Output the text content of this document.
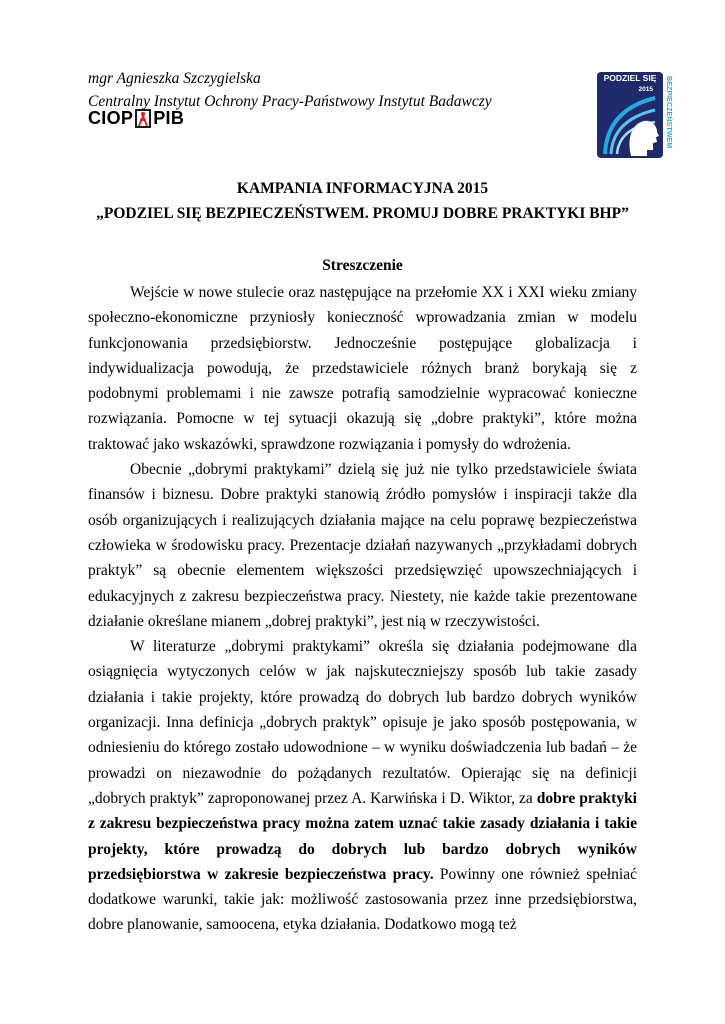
mgr Agnieszka Szczygielska
Centralny Instytut Ochrony Pracy-Państwowy Instytut Badawczy
CIOP PIB
PODZIEL SIĘ
2015 BEZPIECZEŃSTWEM
KAMPANIA INFORMACYJNA 2015
„PODZIEL SIĘ BEZPIECZEŃSTWEM. PROMUJ DOBRE PRAKTYKI BHP”
Streszczenie

Wejście w nowe stulecie oraz następujące na przełomie XX i XXI wieku zmiany społeczno-ekonomiczne przyniosły konieczność wprowadzania zmian w modelu funkcjonowania przedsiębiorstw. Jednocześnie postępujące globalizacja i indywidualizacja powodują, że przedstawiciele różnych branż borykają się z podobnymi problemami i nie zawsze potrafią samodzielnie wypracować konieczne rozwiązania. Pomocne w tej sytuacji okazują się „dobre praktyki”, które można traktować jako wskazówki, sprawdzone rozwiązania i pomysły do wdrożenia.

Obecnie „dobrymi praktykami” dzielą się już nie tylko przedstawiciele świata finansów i biznesu. Dobre praktyki stanowią źródło pomysłów i inspiracji także dla osób organizujących i realizujących działania mające na celu poprawę bezpieczeństwa człowieka w środowisku pracy. Prezentacje działań nazywanych „przykładami dobrych praktyk” są obecnie elementem większości przedsięwzięć upowszechniających i edukacyjnych z zakresu bezpieczeństwa pracy. Niestety, nie każde takie prezentowane działanie określane mianem „dobrej praktyki”, jest nią w rzeczywistości.

W literaturze „dobrymi praktykami” określa się działania podejmowane dla osiągnięcia wytyczonych celów w jak najskuteczniejszy sposób lub takie zasady działania i takie projekty, które prowadzą do dobrych lub bardzo dobrych wyników organizacji. Inna definicja „dobrych praktyk” opisuje je jako sposób postępowania, w odniesieniu do którego zostało udowodnione – w wyniku doświadczenia lub badań – że prowadzi on niezawodnie do pożądanych rezultatów. Opierając się na definicji „dobrych praktyk” zaproponowanej przez A. Karwińska i D. Wiktor, za dobre praktyki z zakresu bezpieczeństwa pracy można zatem uznać takie zasady działania i takie projekty, które prowadzą do dobrych lub bardzo dobrych wyników przedsiębiorstwa w zakresie bezpieczeństwa pracy. Powinny one również spełniać dodatkowe warunki, takie jak: możliwość zastosowania przez inne przedsiębiorstwa, dobre planowanie, samoocena, etyka działania. Dodatkowo mogą też
